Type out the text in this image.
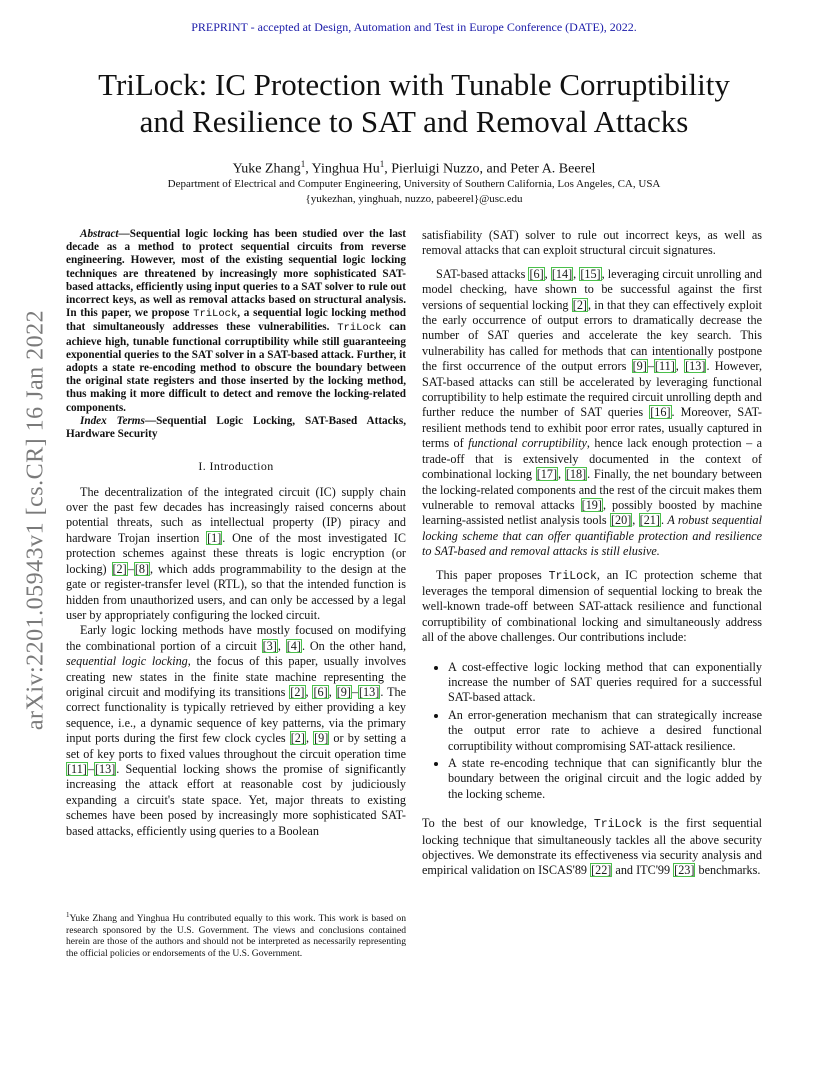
PREPRINT - accepted at Design, Automation and Test in Europe Conference (DATE), 2022.
TriLock: IC Protection with Tunable Corruptibility
and Resilience to SAT and Removal Attacks
Yuke Zhang$^1$, Yinghua Hu$^1$, Pierluigi Nuzzo, and Peter A. Beerel
Department of Electrical and Computer Engineering, University of Southern California, Los Angeles, CA, USA
{yukezhan, yinghuah, nuzzo, pabeerel}@usc.edu
arXiv:2201.05943v1 [cs.CR] 16 Jan 2022

Abstract—Sequential logic locking has been studied over the last decade as a method to protect sequential circuits from reverse engineering. However, most of the existing sequential logic locking techniques are threatened by increasingly more sophisticated SAT-based attacks, efficiently using input queries to a SAT solver to rule out incorrect keys, as well as removal attacks based on structural analysis. In this paper, we propose TriLock, a sequential logic locking method that simultaneously addresses these vulnerabilities. TriLock can achieve high, tunable functional corruptibility while still guaranteeing exponential queries to the SAT solver in a SAT-based attack. Further, it adopts a state re-encoding method to obscure the boundary between the original state registers and those inserted by the locking method, thus making it more difficult to detect and remove the locking-related components.

Index Terms—Sequential Logic Locking, SAT-Based Attacks, Hardware Security

I. Introduction

The decentralization of the integrated circuit (IC) supply chain over the past few decades has increasingly raised concerns about potential threats, such as intellectual property (IP) piracy and hardware Trojan insertion [1]. One of the most investigated IC protection schemes against these threats is logic encryption (or locking) [2]–[8], which adds programmability to the design at the gate or register-transfer level (RTL), so that the intended function is hidden from unauthorized users, and can only be accessed by a legal user by appropriately configuring the locked circuit.

Early logic locking methods have mostly focused on modifying the combinational portion of a circuit [3], [4]. On the other hand, sequential logic locking, the focus of this paper, usually involves creating new states in the finite state machine representing the original circuit and modifying its transitions [2], [6], [9]–[13]. The correct functionality is typically retrieved by either providing a key sequence, i.e., a dynamic sequence of key patterns, via the primary input ports during the first few clock cycles [2], [9] or by setting a set of key ports to fixed values throughout the circuit operation time [11]–[13]. Sequential locking shows the promise of significantly increasing the attack effort at reasonable cost by judiciously expanding a circuit's state space. Yet, major threats to existing schemes have been posed by increasingly more sophisticated SAT-based attacks, efficiently using queries to a Boolean

$^1$Yuke Zhang and Yinghua Hu contributed equally to this work. This work is based on research sponsored by the U.S. Government. The views and conclusions contained herein are those of the authors and should not be interpreted as necessarily representing the official policies or endorsements of the U.S. Government.

satisfiability (SAT) solver to rule out incorrect keys, as well as removal attacks that can exploit structural circuit signatures.

SAT-based attacks [6], [14], [15], leveraging circuit unrolling and model checking, have shown to be successful against the first versions of sequential locking [2], in that they can effectively exploit the early occurrence of output errors to dramatically decrease the number of SAT queries and accelerate the key search. This vulnerability has called for methods that can intentionally postpone the first occurrence of the output errors [9]–[11], [13]. However, SAT-based attacks can still be accelerated by leveraging functional corruptibility to help estimate the required circuit unrolling depth and further reduce the number of SAT queries [16]. Moreover, SAT-resilient methods tend to exhibit poor error rates, usually captured in terms of functional corruptibility, hence lack enough protection – a trade-off that is extensively documented in the context of combinational locking [17], [18]. Finally, the net boundary between the locking-related components and the rest of the circuit makes them vulnerable to removal attacks [19], possibly boosted by machine learning-assisted netlist analysis tools [20], [21]. A robust sequential locking scheme that can offer quantifiable protection and resilience to SAT-based and removal attacks is still elusive.

This paper proposes TriLock, an IC protection scheme that leverages the temporal dimension of sequential locking to break the well-known trade-off between SAT-attack resilience and functional corruptibility of combinational locking and simultaneously address all of the above challenges. Our contributions include:

• A cost-effective logic locking method that can exponentially increase the number of SAT queries required for a successful SAT-based attack.
• An error-generation mechanism that can strategically increase the output error rate to achieve a desired functional corruptibility without compromising SAT-attack resilience.
• A state re-encoding technique that can significantly blur the boundary between the original circuit and the logic added by the locking scheme.

To the best of our knowledge, TriLock is the first sequential locking technique that simultaneously tackles all the above security objectives. We demonstrate its effectiveness via security analysis and empirical validation on ISCAS'89 [22] and ITC'99 [23] benchmarks.
